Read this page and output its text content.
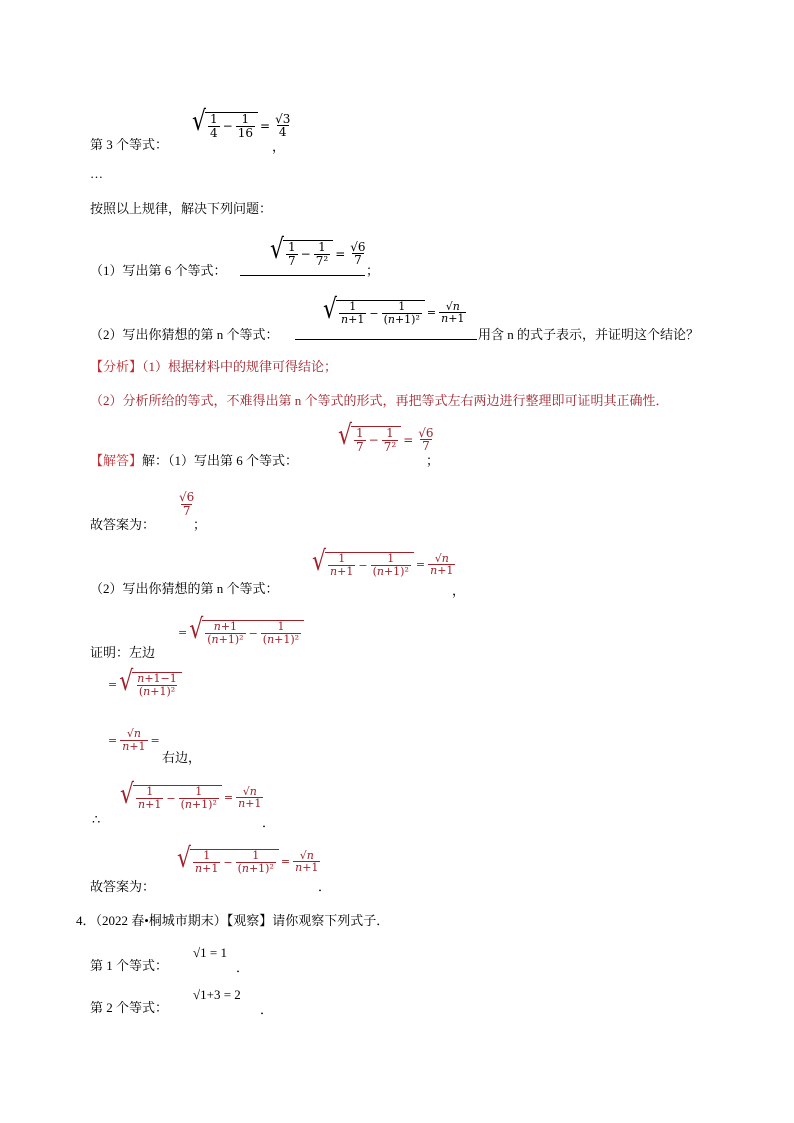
第 3 个等式：
√ $\frac{1}{4} - \frac{1}{16} = \frac{√3}{4}$
，
…
按照以上规律，解决下列问题：
（1）写出第 6 个等式：
√ $\frac{1}{7} - \frac{1}{\text{7²}} = \frac{√6}{7}$
；
（2）写出你猜想的第 n 个等式：
√ $\frac{1}{n+1} - \frac{1}{\text{(n+1)²}} = \frac{√n}{n+1}$
用含 n 的式子表示，并证明这个结论？
【分析】（1）根据材料中的规律可得结论；
（2）分析所给的等式，不难得出第 n 个等式的形式，再把等式左右两边进行整理即可证明其正确性．
【解答】解：（1）写出第 6 个等式：
√ $\frac{1}{7} - \frac{1}{\text{7²}} = \frac{√6}{7}$
；
故答案为：
$\frac{√6}{7}$
；
（2）写出你猜想的第 n 个等式：
√ $\frac{1}{n+1} - \frac{1}{\text{(n+1)²}} = \frac{√n}{n+1}$
，
证明：左边
= √ $\frac{n+1}{\text{(n+1)²}} - \frac{1}{\text{(n+1)²}}$
= √ $\frac{n+1-1}{\text{(n+1)²}}$
= $\frac{√n}{n+1}$ =
右边，
∴
√ $\frac{1}{n+1} - \frac{1}{\text{(n+1)²}} = \frac{√n}{n+1}$
．
故答案为：
√ $\frac{1}{n+1} - \frac{1}{\text{(n+1)²}} = \frac{√n}{n+1}$
．
4．（2022 春•桐城市期末）【观察】请你观察下列式子．
第 1 个等式：
√1 = 1
．
第 2 个等式：
√1+3 = 2
．
